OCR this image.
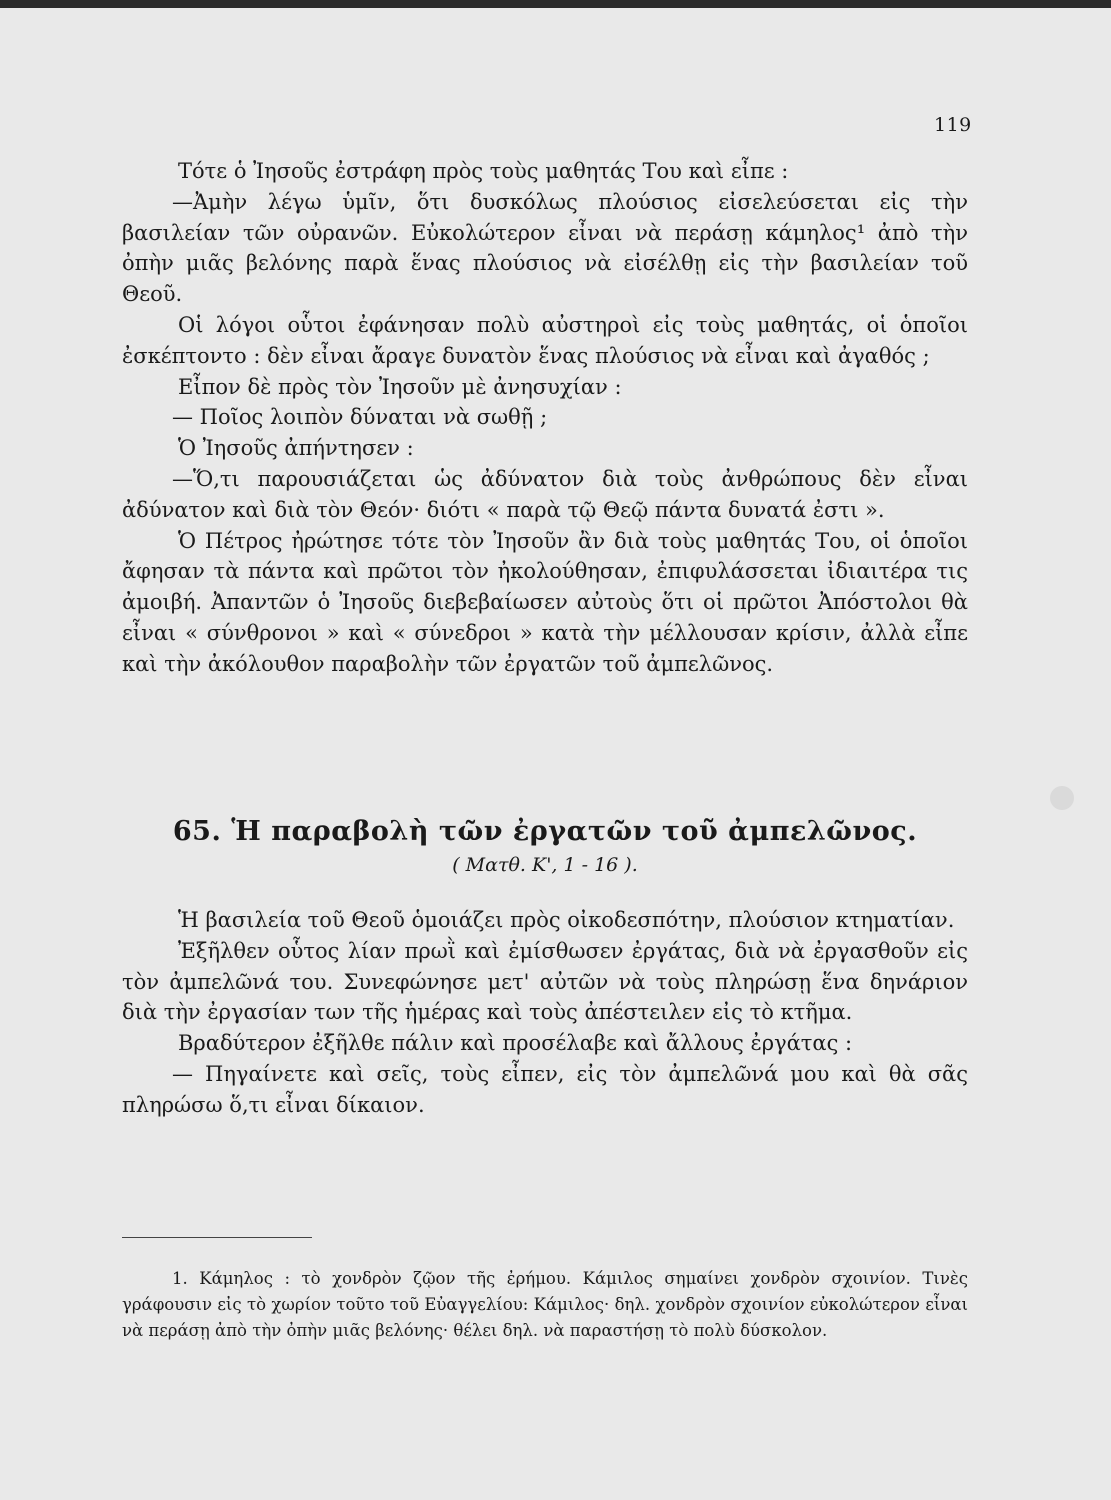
119

Τότε ὁ Ἰησοῦς ἐστράφη πρὸς τοὺς μαθητάς Του καὶ εἶπε :

—Ἀμὴν λέγω ὑμῖν, ὅτι δυσκόλως πλούσιος εἰσελεύσεται εἰς τὴν βασιλείαν τῶν οὐρανῶν. Εὐκολώτερον εἶναι νὰ περάσῃ κάμηλος¹ ἀπὸ τὴν ὀπὴν μιᾶς βελόνης παρὰ ἕνας πλούσιος νὰ εἰσέλθῃ εἰς τὴν βασιλείαν τοῦ Θεοῦ.

Οἱ λόγοι οὗτοι ἐφάνησαν πολὺ αὐστηροὶ εἰς τοὺς μαθητάς, οἱ ὁποῖοι ἐσκέπτοντο : δὲν εἶναι ἄραγε δυνατὸν ἕνας πλούσιος νὰ εἶναι καὶ ἀγαθός ;

Εἶπον δὲ πρὸς τὸν Ἰησοῦν μὲ ἀνησυχίαν :

— Ποῖος λοιπὸν δύναται νὰ σωθῇ ;

Ὁ Ἰησοῦς ἀπήντησεν :

—Ὅ,τι παρουσιάζεται ὡς ἀδύνατον διὰ τοὺς ἀνθρώπους δὲν εἶναι ἀδύνατον καὶ διὰ τὸν Θεόν· διότι « παρὰ τῷ Θεῷ πάντα δυνατά ἐστι ».

Ὁ Πέτρος ἠρώτησε τότε τὸν Ἰησοῦν ἂν διὰ τοὺς μαθητάς Του, οἱ ὁποῖοι ἄφησαν τὰ πάντα καὶ πρῶτοι τὸν ἠκολούθησαν, ἐπιφυλάσσεται ἰδιαιτέρα τις ἀμοιβή. Ἀπαντῶν ὁ Ἰησοῦς διεβεβαίωσεν αὐτοὺς ὅτι οἱ πρῶτοι Ἀπόστολοι θὰ εἶναι « σύνθρονοι » καὶ « σύνεδροι » κατὰ τὴν μέλλουσαν κρίσιν, ἀλλὰ εἶπε καὶ τὴν ἀκόλουθον παραβολὴν τῶν ἐργατῶν τοῦ ἀμπελῶνος.

65. Ἡ παραβολὴ τῶν ἐργατῶν τοῦ ἀμπελῶνος.

( Ματθ. Κ', 1 - 16 ).

Ἡ βασιλεία τοῦ Θεοῦ ὁμοιάζει πρὸς οἰκοδεσπότην, πλούσιον κτηματίαν.

Ἐξῆλθεν οὗτος λίαν πρωῒ καὶ ἐμίσθωσεν ἐργάτας, διὰ νὰ ἐργασθοῦν εἰς τὸν ἀμπελῶνά του. Συνεφώνησε μετ' αὐτῶν νὰ τοὺς πληρώσῃ ἕνα δηνάριον διὰ τὴν ἐργασίαν των τῆς ἡμέρας καὶ τοὺς ἀπέστειλεν εἰς τὸ κτῆμα.

Βραδύτερον ἐξῆλθε πάλιν καὶ προσέλαβε καὶ ἄλλους ἐργάτας :

— Πηγαίνετε καὶ σεῖς, τοὺς εἶπεν, εἰς τὸν ἀμπελῶνά μου καὶ θὰ σᾶς πληρώσω ὅ,τι εἶναι δίκαιον.

1. Κάμηλος : τὸ χονδρὸν ζῷον τῆς ἐρήμου. Κάμιλος σημαίνει χονδρὸν σχοινίον. Τινὲς γράφουσιν εἰς τὸ χωρίον τοῦτο τοῦ Εὐαγγελίου: Κάμιλος· δηλ. χονδρὸν σχοινίον εὐκολώτερον εἶναι νὰ περάσῃ ἀπὸ τὴν ὀπὴν μιᾶς βελόνης· θέλει δηλ. νὰ παραστήσῃ τὸ πολὺ δύσκολον.
